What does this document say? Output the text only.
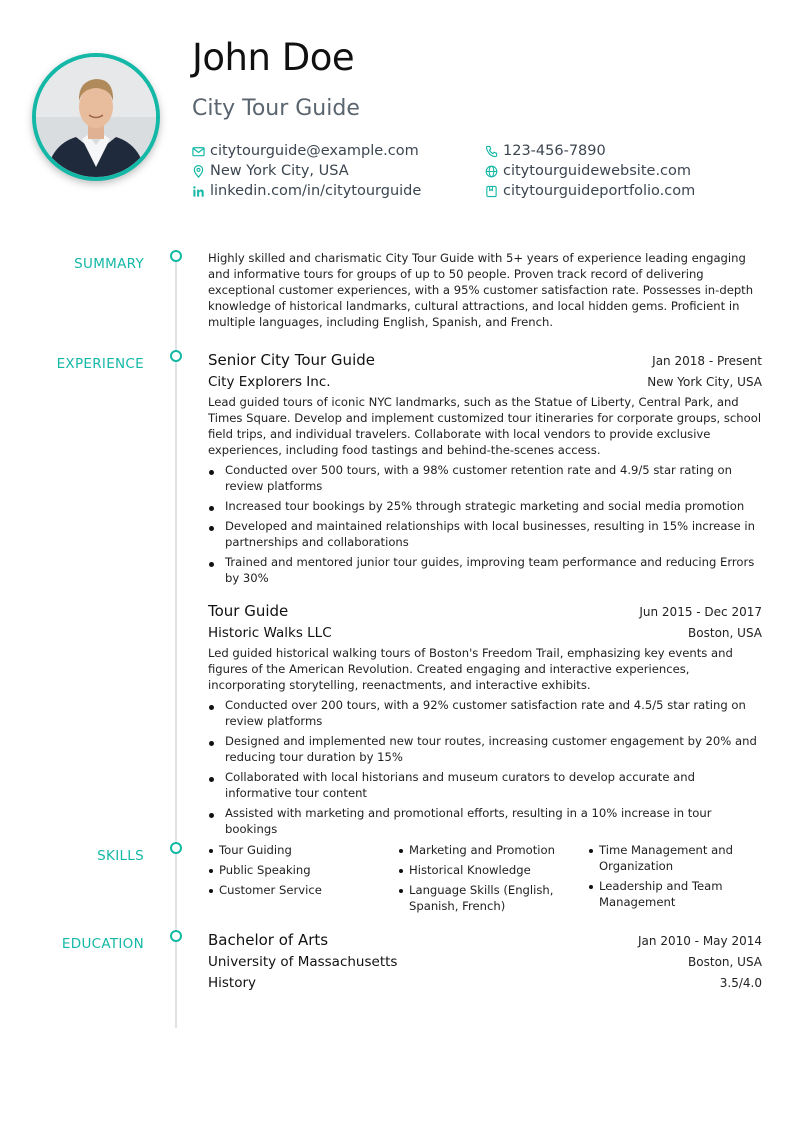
John Doe
City Tour Guide
citytourguide@example.com	123-456-7890
New York City, USA	citytourguidewebsite.com
linkedin.com/in/citytourguide	citytourguideportfolio.com
SUMMARY	Highly skilled and charismatic City Tour Guide with 5+ years of experience leading engaging and informative tours for groups of up to 50 people. Proven track record of delivering exceptional customer experiences, with a 95% customer satisfaction rate. Possesses in-depth knowledge of historical landmarks, cultural attractions, and local hidden gems. Proficient in multiple languages, including English, Spanish, and French.

EXPERIENCE	Senior City Tour Guide	Jan 2018 - Present
City Explorers Inc.	New York City, USA

Lead guided tours of iconic NYC landmarks, such as the Statue of Liberty, Central Park, and Times Square. Develop and implement customized tour itineraries for corporate groups, school field trips, and individual travelers. Collaborate with local vendors to provide exclusive experiences, including food tastings and behind-the-scenes access.

Conducted over 500 tours, with a 98% customer retention rate and 4.9/5 star rating on review platforms
Increased tour bookings by 25% through strategic marketing and social media promotion
Developed and maintained relationships with local businesses, resulting in 15% increase in partnerships and collaborations
Trained and mentored junior tour guides, improving team performance and reducing Errors by 30%
Tour Guide	Jun 2015 - Dec 2017
Historic Walks LLC	Boston, USA

Led guided historical walking tours of Boston's Freedom Trail, emphasizing key events and figures of the American Revolution. Created engaging and interactive experiences, incorporating storytelling, reenactments, and interactive exhibits.

Conducted over 200 tours, with a 92% customer satisfaction rate and 4.5/5 star rating on review platforms
Designed and implemented new tour routes, increasing customer engagement by 20% and reducing tour duration by 15%
Collaborated with local historians and museum curators to develop accurate and informative tour content
Assisted with marketing and promotional efforts, resulting in a 10% increase in tour bookings
SKILLS	Tour Guiding
Public Speaking
Customer Service
Marketing and Promotion
Historical Knowledge
Language Skills (English, Spanish, French)
Time Management and Organization
Leadership and Team Management
EDUCATION	Bachelor of Arts	Jan 2010 - May 2014
University of Massachusetts	Boston, USA
History	3.5/4.0
